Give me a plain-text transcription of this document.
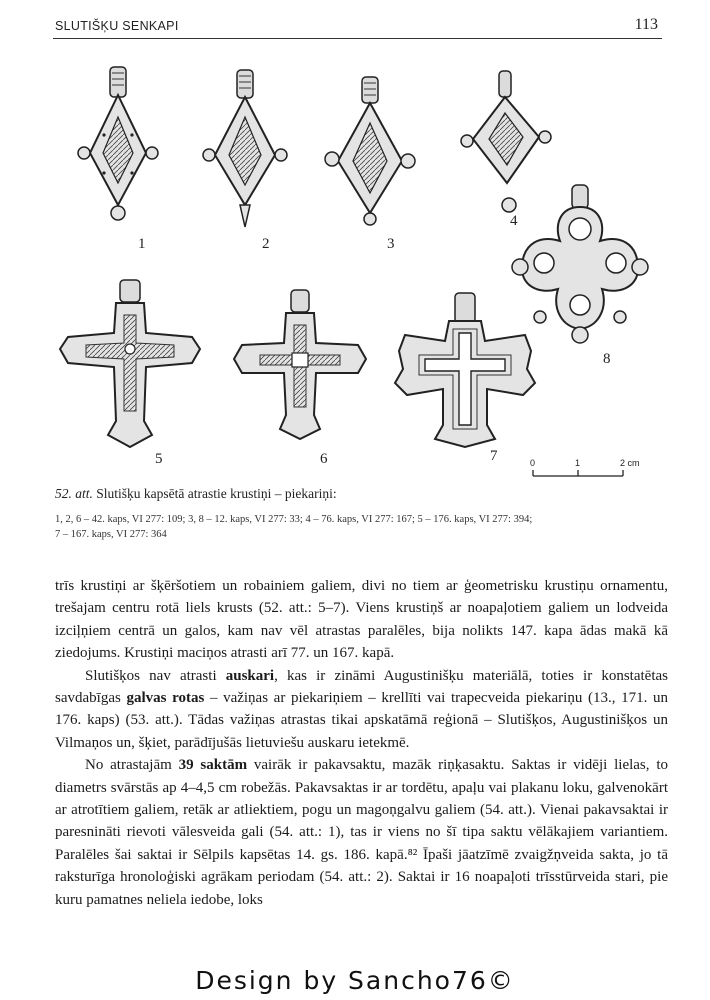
SLUTIŠĶU SENKAPI	113
1	2	3
4
5	6	7
8
0	1	2 cm
52. att. Slutišķu kapsētā atrastie krustiņi – piekariņi:
1, 2, 6 – 42. kaps, VI 277: 109; 3, 8 – 12. kaps, VI 277: 33; 4 – 76. kaps, VI 277: 167; 5 – 176. kaps, VI 277: 394;
7 – 167. kaps, VI 277: 364

trīs krustiņi ar šķēršotiem un robainiem galiem, divi no tiem ar ģeometrisku krustiņu ornamentu, trešajam centru rotā liels krusts (52. att.: 5–7). Viens krustiņš ar noapaļotiem galiem un lodveida izciļņiem centrā un galos, kam nav vēl atrastas paralēles, bija nolikts 147. kapa ādas makā kā ziedojums. Krustiņi maciņos atrasti arī 77. un 167. kapā.

Slutišķos nav atrasti auskari, kas ir zināmi Augustinišķu materiālā, toties ir konstatētas savdabīgas galvas rotas – važiņas ar piekariņiem – krellīti vai trapecveida piekariņu (13., 171. un 176. kaps) (53. att.). Tādas važiņas atrastas tikai apskatāmā reģionā – Slutišķos, Augustinišķos un Vilmaņos un, šķiet, parādījušās lietuviešu auskaru ietekmē.

No atrastajām 39 saktām vairāk ir pakavsaktu, mazāk riņķasaktu. Saktas ir vidēji lielas, to diametrs svārstās ap 4–4,5 cm robežās. Pakavsaktas ir ar tordētu, apaļu vai plakanu loku, galvenokārt ar atrotītiem galiem, retāk ar atliektiem, pogu un magoņgalvu galiem (54. att.). Vienai pakavsaktai ir paresnināti rievoti vālesveida gali (54. att.: 1), tas ir viens no šī tipa saktu vēlākajiem variantiem. Paralēles šai saktai ir Sēlpils kapsētas 14. gs. 186. kapā.⁸² Īpaši jāatzīmē zvaigžņveida sakta, jo tā raksturīga hronoloģiski agrākam periodam (54. att.: 2). Saktai ir 16 noapaļoti trīsstūrveida stari, pie kuru pamatnes neliela iedobe, loks

Design by Sancho76©
